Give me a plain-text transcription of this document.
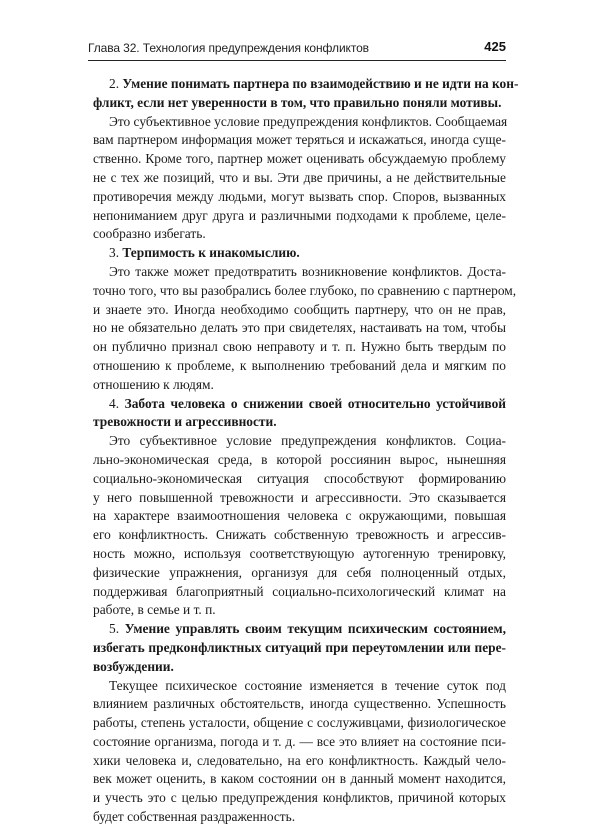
Глава 32. Технология предупреждения конфликтов	425
2. Умение понимать партнера по взаимодействию и не идти на кон-
фликт, если нет уверенности в том, что правильно поняли мотивы.
Это субъективное условие предупреждения конфликтов. Сообщаемая
вам партнером информация может теряться и искажаться, иногда суще-
ственно. Кроме того, партнер может оценивать обсуждаемую проблему
не с тех же позиций, что и вы. Эти две причины, а не действительные
противоречия между людьми, могут вызвать спор. Споров, вызванных
непониманием друг друга и различными подходами к проблеме, целе-
сообразно избегать.
3. Терпимость к инакомыслию.
Это также может предотвратить возникновение конфликтов. Доста-
точно того, что вы разобрались более глубоко, по сравнению с партнером,
и знаете это. Иногда необходимо сообщить партнеру, что он не прав,
но не обязательно делать это при свидетелях, настаивать на том, чтобы
он публично признал свою неправоту и т. п. Нужно быть твердым по
отношению к проблеме, к выполнению требований дела и мягким по
отношению к людям.
4. Забота человека о снижении своей относительно устойчивой
тревожности и агрессивности.
Это субъективное условие предупреждения конфликтов. Социа-
льно-экономическая среда, в которой россиянин вырос, нынешняя
социально-экономическая ситуация способствуют формированию
у него повышенной тревожности и агрессивности. Это сказывается
на характере взаимоотношения человека с окружающими, повышая
его конфликтность. Снижать собственную тревожность и агрессив-
ность можно, используя соответствующую аутогенную тренировку,
физические упражнения, организуя для себя полноценный отдых,
поддерживая благоприятный социально-психологический климат на
работе, в семье и т. п.
5. Умение управлять своим текущим психическим состоянием,
избегать предконфликтных ситуаций при переутомлении или пере-
возбуждении.
Текущее психическое состояние изменяется в течение суток под
влиянием различных обстоятельств, иногда существенно. Успешность
работы, степень усталости, общение с сослуживцами, физиологическое
состояние организма, погода и т. д. — все это влияет на состояние пси-
хики человека и, следовательно, на его конфликтность. Каждый чело-
век может оценить, в каком состоянии он в данный момент находится,
и учесть это с целью предупреждения конфликтов, причиной которых
будет собственная раздраженность.
